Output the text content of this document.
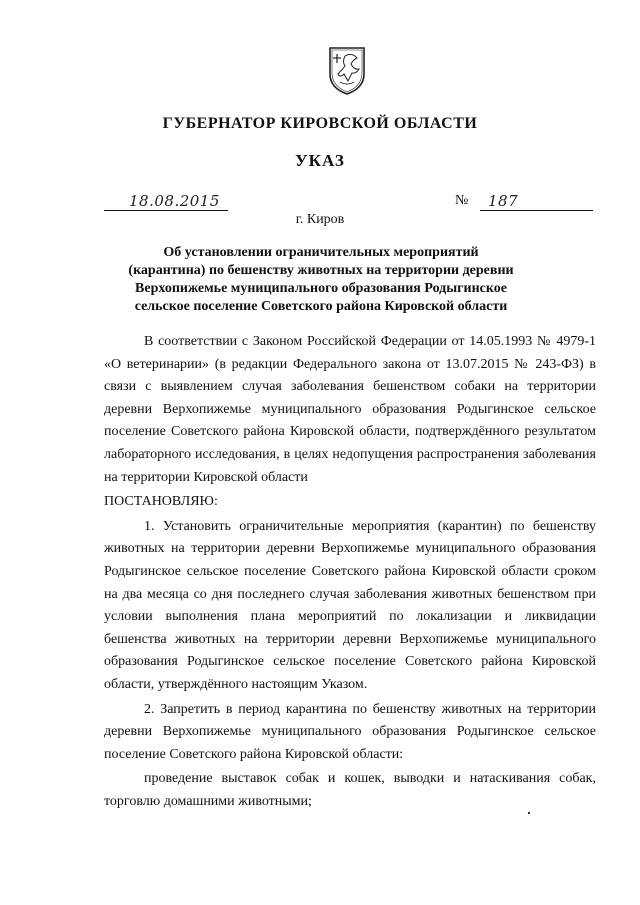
ГУБЕРНАТОР КИРОВСКОЙ ОБЛАСТИ
УКАЗ
18.08.2015	№ 187
г. Киров
Об установлении ограничительных мероприятий (карантина) по бешенству животных на территории деревни Верхопижемье муниципального образования Родыгинское сельское поселение Советского района Кировской области

В соответствии с Законом Российской Федерации от 14.05.1993 № 4979-1 «О ветеринарии» (в редакции Федерального закона от 13.07.2015 № 243-ФЗ) в связи с выявлением случая заболевания бешенством собаки на территории деревни Верхопижемье муниципального образования Родыгинское сельское поселение Советского района Кировской области, подтверждённого результатом лабораторного исследования, в целях недопущения распространения заболевания на территории Кировской области

ПОСТАНОВЛЯЮ:

1. Установить ограничительные мероприятия (карантин) по бешенству животных на территории деревни Верхопижемье муниципального образования Родыгинское сельское поселение Советского района Кировской области сроком на два месяца со дня последнего случая заболевания животных бешенством при условии выполнения плана мероприятий по локализации и ликвидации бешенства животных на территории деревни Верхопижемье муниципального образования Родыгинское сельское поселение Советского района Кировской области, утверждённого настоящим Указом.

2. Запретить в период карантина по бешенству животных на территории деревни Верхопижемье муниципального образования Родыгинское сельское поселение Советского района Кировской области:

проведение выставок собак и кошек, выводки и натаскивания собак, торговлю домашними животными;
